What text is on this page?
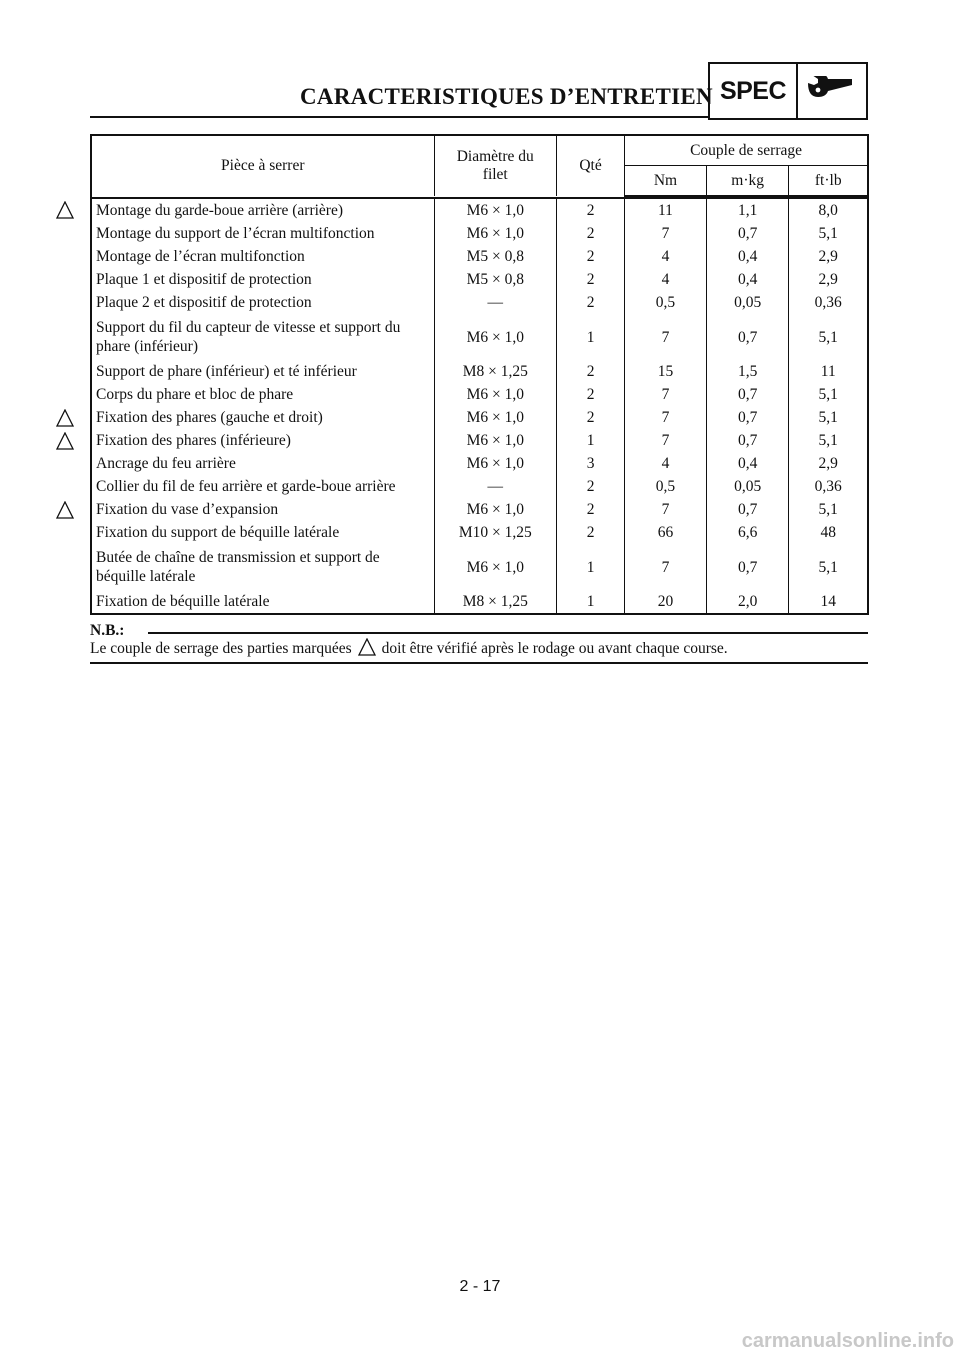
CARACTERISTIQUES D’ENTRETIEN SPEC
Pièce à serrer	Diamètre du filet	Qté	Couple de serrage		
			Nm	m·kg	ft·lb

Montage du garde-boue arrière (arrière)	M6 × 1,0	2	11	1,1	8,0
Montage du support de l’écran multifonction	M6 × 1,0	2	7	0,7	5,1
Montage de l’écran multifonction	M5 × 0,8	2	4	0,4	2,9
Plaque 1 et dispositif de protection	M5 × 0,8	2	4	0,4	2,9
Plaque 2 et dispositif de protection	—	2	0,5	0,05	0,36
Support du fil du capteur de vitesse et support du phare (inférieur)	M6 × 1,0	1	7	0,7	5,1
Support de phare (inférieur) et té inférieur	M8 × 1,25	2	15	1,5	11
Corps du phare et bloc de phare	M6 × 1,0	2	7	0,7	5,1
Fixation des phares (gauche et droit)	M6 × 1,0	2	7	0,7	5,1
Fixation des phares (inférieure)	M6 × 1,0	1	7	0,7	5,1
Ancrage du feu arrière	M6 × 1,0	3	4	0,4	2,9
Collier du fil de feu arrière et garde-boue arrière	—	2	0,5	0,05	0,36
Fixation du vase d’expansion	M6 × 1,0	2	7	0,7	5,1
Fixation du support de béquille latérale	M10 × 1,25	2	66	6,6	48
Butée de chaîne de transmission et support de béquille latérale	M6 × 1,0	1	7	0,7	5,1
Fixation de béquille latérale	M8 × 1,25	1	20	2,0	14
N.B.:
Le couple de serrage des parties marquées doit être vérifié après le rodage ou avant chaque course.
2 - 17
carmanualsonline.info
